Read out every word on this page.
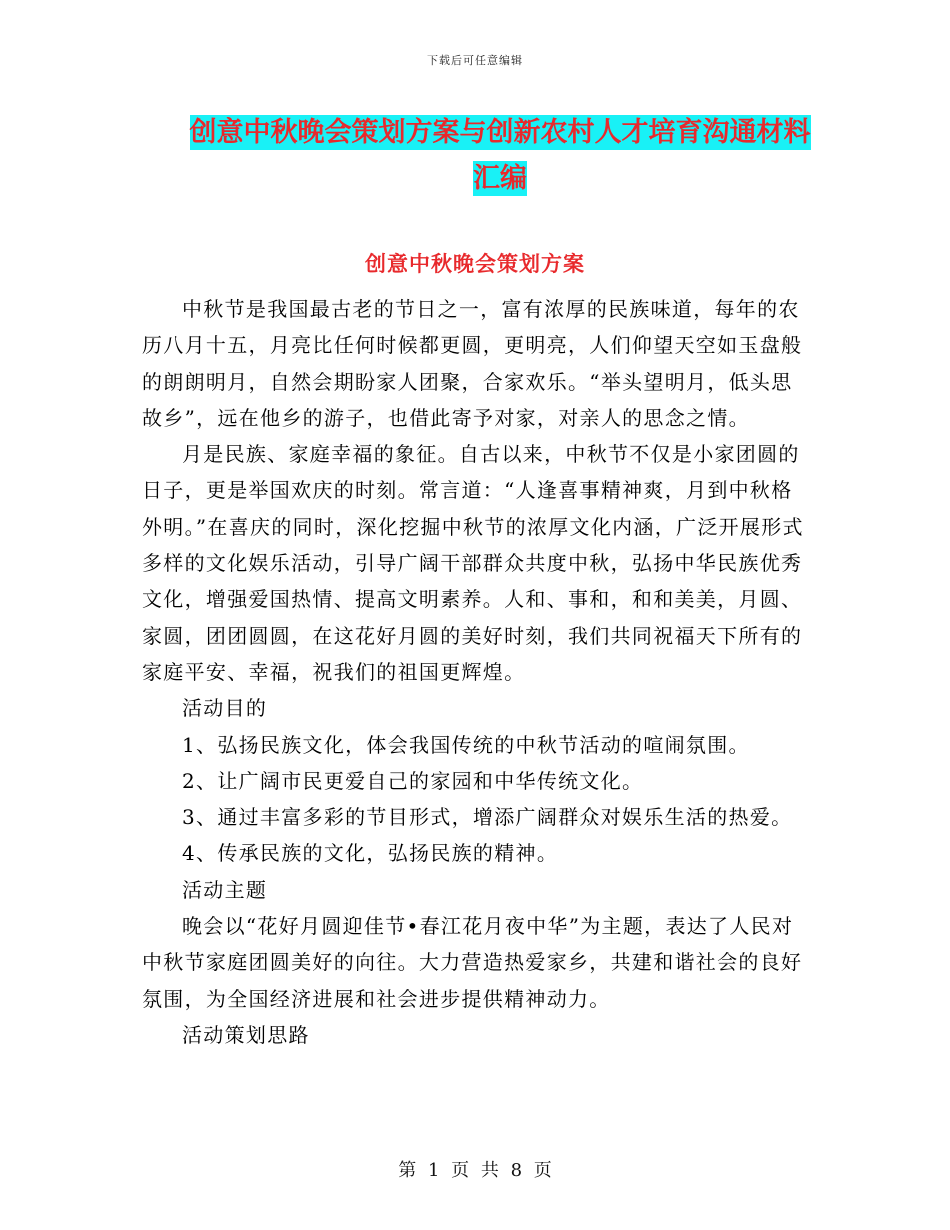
下载后可任意编辑
创意中秋晚会策划方案与创新农村人才培育沟通材料
汇编
创意中秋晚会策划方案

中秋节是我国最古老的节日之一，富有浓厚的民族味道，每年的农历八月十五，月亮比任何时候都更圆，更明亮，人们仰望天空如玉盘般的朗朗明月，自然会期盼家人团聚，合家欢乐。“举头望明月，低头思故乡”，远在他乡的游子，也借此寄予对家，对亲人的思念之情。

月是民族、家庭幸福的象征。自古以来，中秋节不仅是小家团圆的日子，更是举国欢庆的时刻。常言道：“人逢喜事精神爽，月到中秋格外明。”在喜庆的同时，深化挖掘中秋节的浓厚文化内涵，广泛开展形式多样的文化娱乐活动，引导广阔干部群众共度中秋，弘扬中华民族优秀文化，增强爱国热情、提高文明素养。人和、事和，和和美美，月圆、家圆，团团圆圆，在这花好月圆的美好时刻，我们共同祝福天下所有的家庭平安、幸福，祝我们的祖国更辉煌。

活动目的

1、弘扬民族文化，体会我国传统的中秋节活动的喧闹氛围。

2、让广阔市民更爱自己的家园和中华传统文化。

3、通过丰富多彩的节目形式，增添广阔群众对娱乐生活的热爱。

4、传承民族的文化，弘扬民族的精神。

活动主题

晚会以“花好月圆迎佳节•春江花月夜中华”为主题，表达了人民对中秋节家庭团圆美好的向往。大力营造热爱家乡，共建和谐社会的良好氛围，为全国经济进展和社会进步提供精神动力。

活动策划思路

第 1 页 共 8 页
